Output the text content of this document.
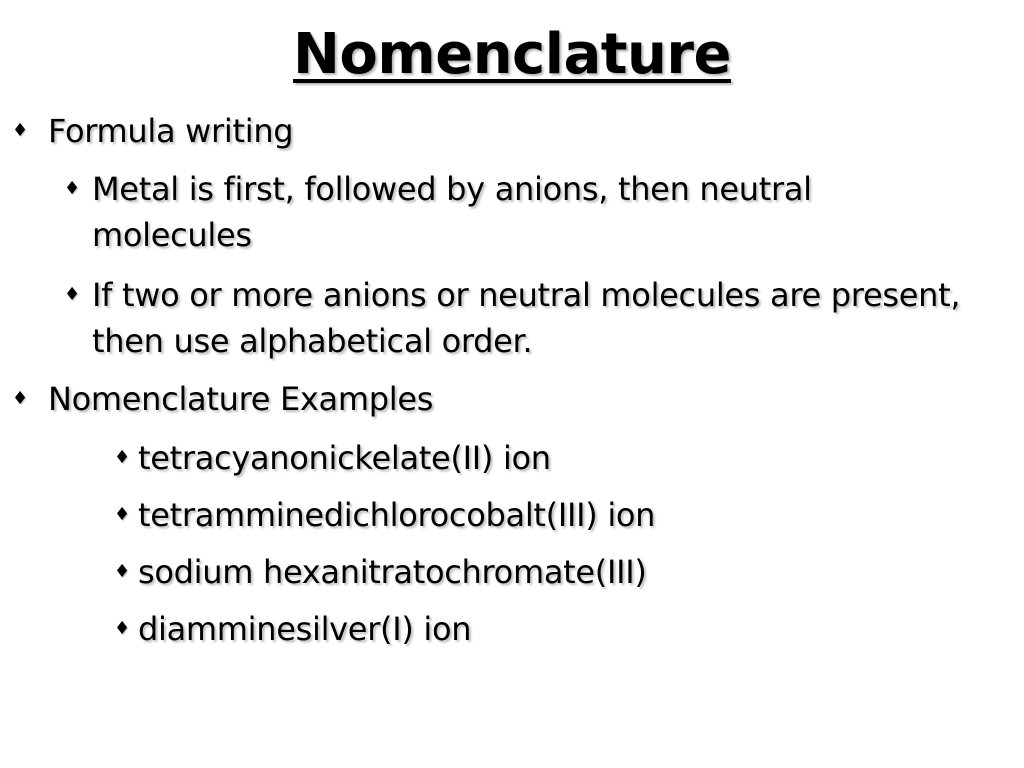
Nomenclature
♦ Formula writing
♦ Metal is first, followed by anions, then neutral molecules
♦ If two or more anions or neutral molecules are present, then use alphabetical order.
♦ Nomenclature Examples
♦ tetracyanonickelate(II) ion
♦ tetramminedichlorocobalt(III) ion
♦ sodium hexanitratochromate(III)
♦ diamminesilver(I) ion
